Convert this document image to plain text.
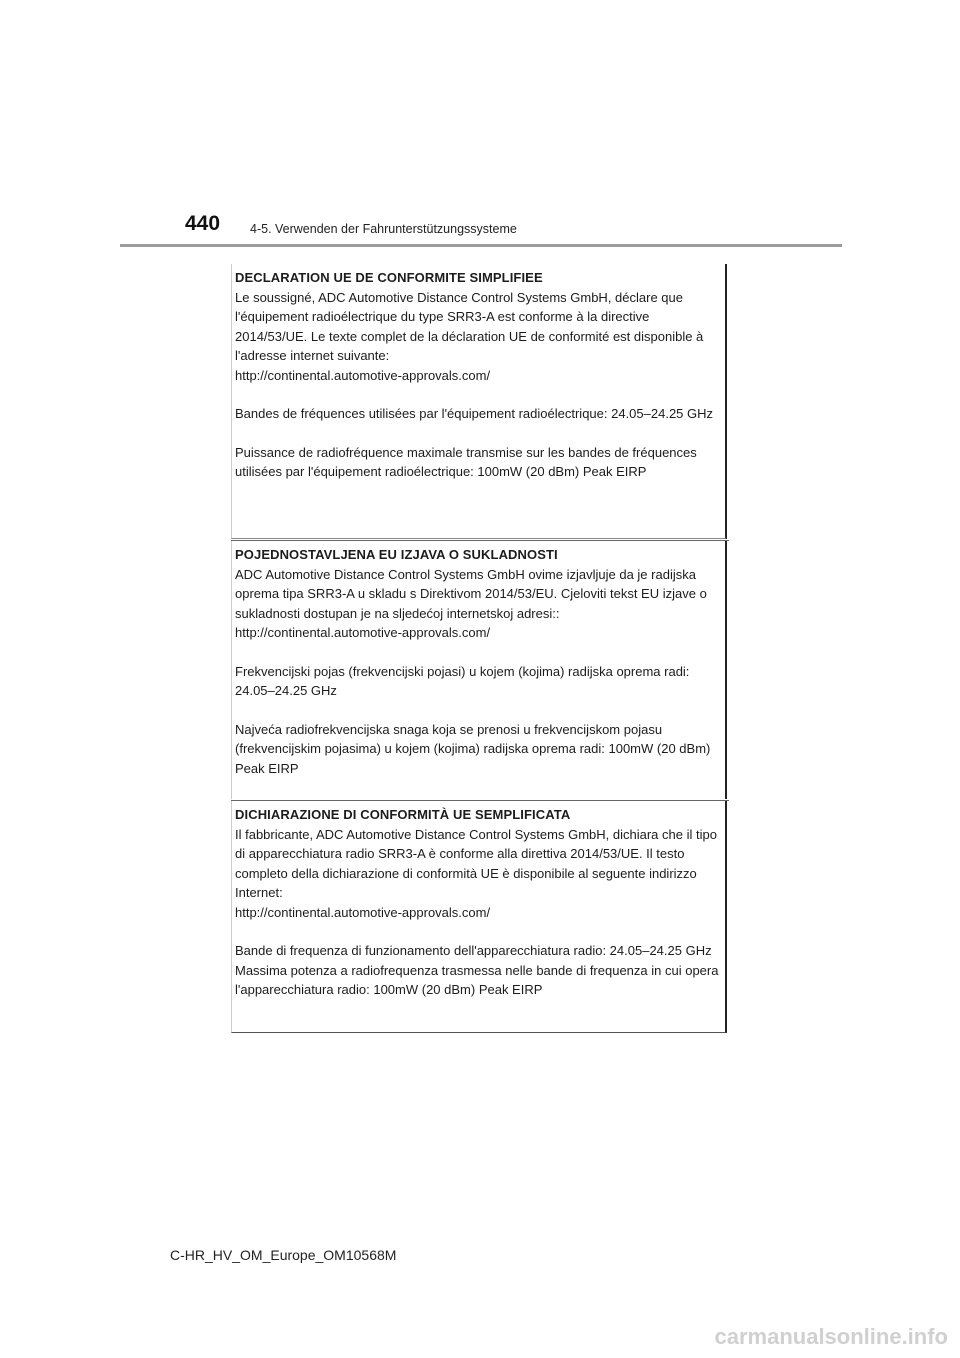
440 4-5. Verwenden der Fahrunterstützungssysteme
DECLARATION UE DE CONFORMITE SIMPLIFIEE

Le soussigné, ADC Automotive Distance Control Systems GmbH, déclare que l'équipement radioélectrique du type SRR3-A est conforme à la directive 2014/53/UE. Le texte complet de la déclaration UE de conformité est disponible à l'adresse internet suivante:

http://continental.automotive-approvals.com/

Bandes de fréquences utilisées par l'équipement radioélectrique: 24.05–24.25 GHz

Puissance de radiofréquence maximale transmise sur les bandes de fréquences utilisées par l'équipement radioélectrique: 100mW (20 dBm) Peak EIRP

POJEDNOSTAVLJENA EU IZJAVA O SUKLADNOSTI

ADC Automotive Distance Control Systems GmbH ovime izjavljuje da je radijska oprema tipa SRR3-A u skladu s Direktivom 2014/53/EU. Cjeloviti tekst EU izjave o sukladnosti dostupan je na sljedećoj internetskoj adresi::

http://continental.automotive-approvals.com/

Frekvencijski pojas (frekvencijski pojasi) u kojem (kojima) radijska oprema radi: 24.05–24.25 GHz

Najveća radiofrekvencijska snaga koja se prenosi u frekvencijskom pojasu (frekvencijskim pojasima) u kojem (kojima) radijska oprema radi: 100mW (20 dBm) Peak EIRP

DICHIARAZIONE DI CONFORMITÀ UE SEMPLIFICATA

Il fabbricante, ADC Automotive Distance Control Systems GmbH, dichiara che il tipo di apparecchiatura radio SRR3-A è conforme alla direttiva 2014/53/UE. Il testo completo della dichiarazione di conformità UE è disponibile al seguente indirizzo Internet:

http://continental.automotive-approvals.com/

Bande di frequenza di funzionamento dell'apparecchiatura radio: 24.05–24.25 GHz

Massima potenza a radiofrequenza trasmessa nelle bande di frequenza in cui opera l'apparecchiatura radio: 100mW (20 dBm) Peak EIRP

C-HR_HV_OM_Europe_OM10568M
carmanualsonline.info
